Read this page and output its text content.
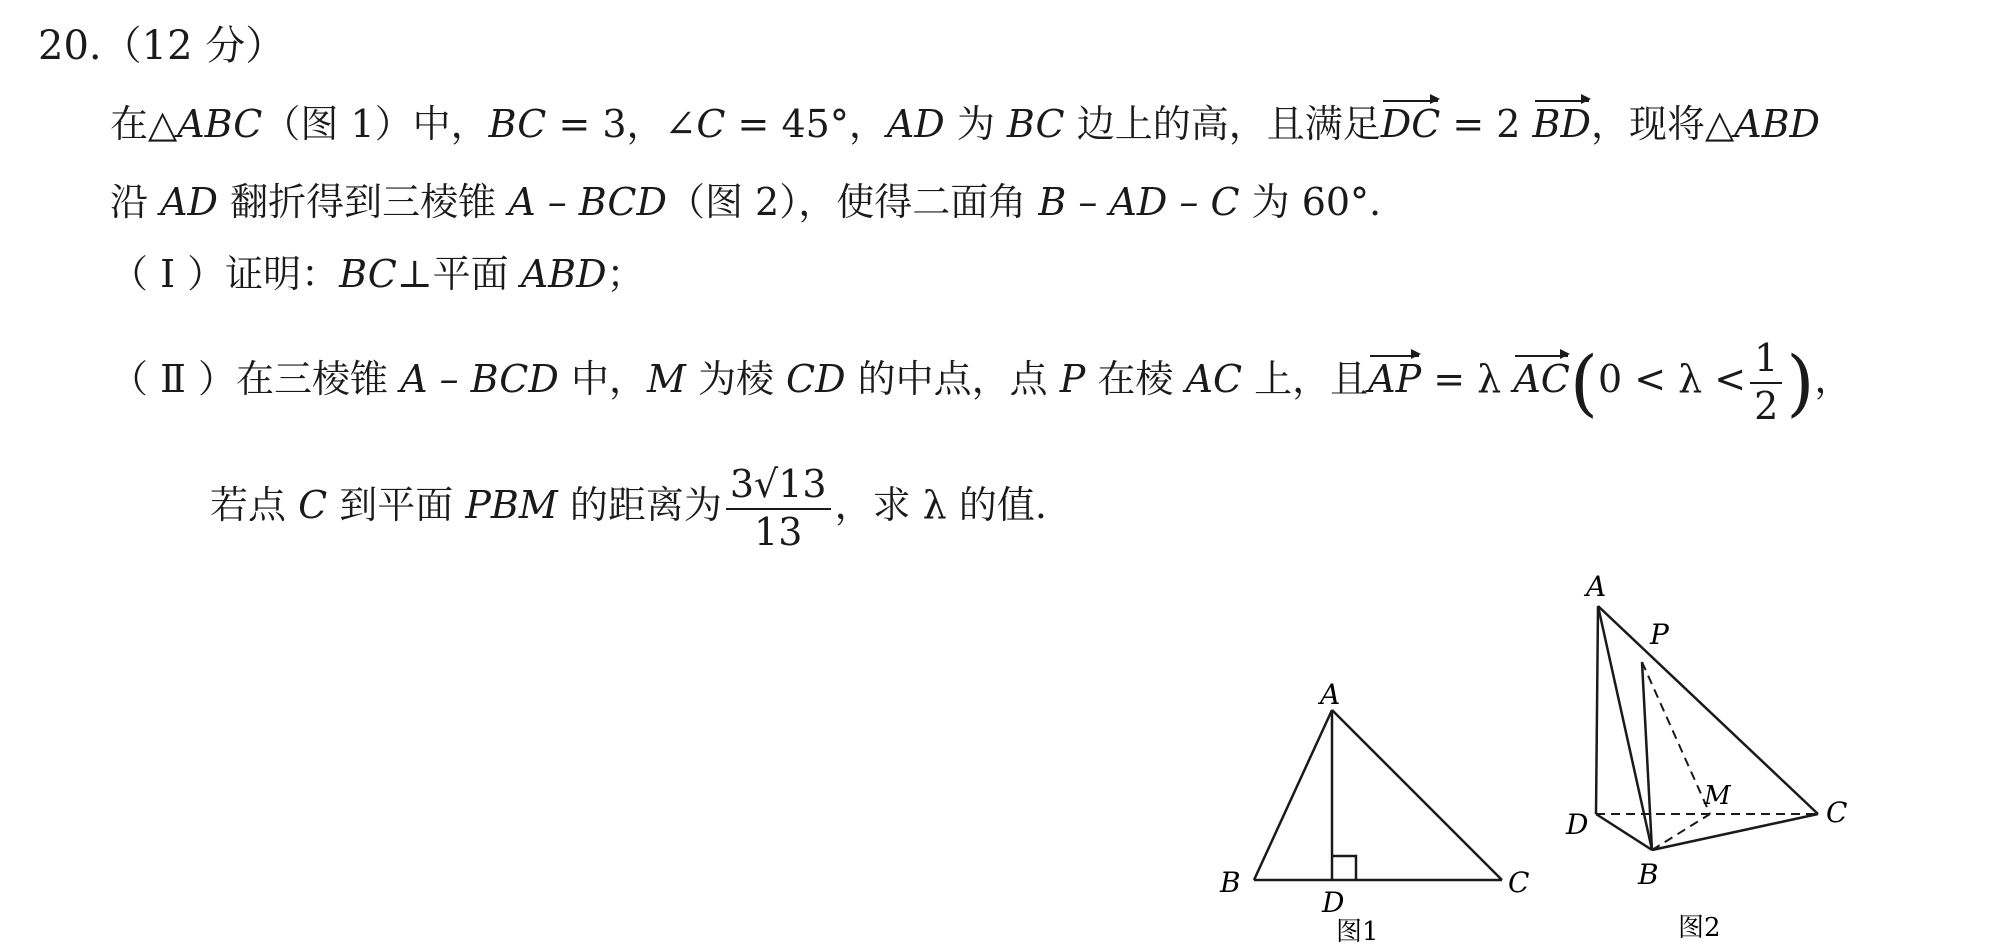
20.（12 分）
在△ABC（图 1）中，BC = 3，∠C = 45°，AD 为 BC 边上的高，且满足DC = 2 BD，现将△ABD
沿 AD 翻折得到三棱锥 A – BCD（图 2），使得二面角 B – AD – C 为 60°.
（ Ⅰ ）证明：BC⊥平面 ABD；
（ Ⅱ ）在三棱锥 A – BCD 中，M 为棱 CD 的中点，点 P 在棱 AC 上，且AP = λ $AC(0 < \lambda < \frac{1}{2}$ )，
若点 C 到平面 PBM 的距离为 $\frac{3√13}{13}$ ，求 λ 的值.
A
B	C
D
图1
A
P
M	C
D
B
图2
